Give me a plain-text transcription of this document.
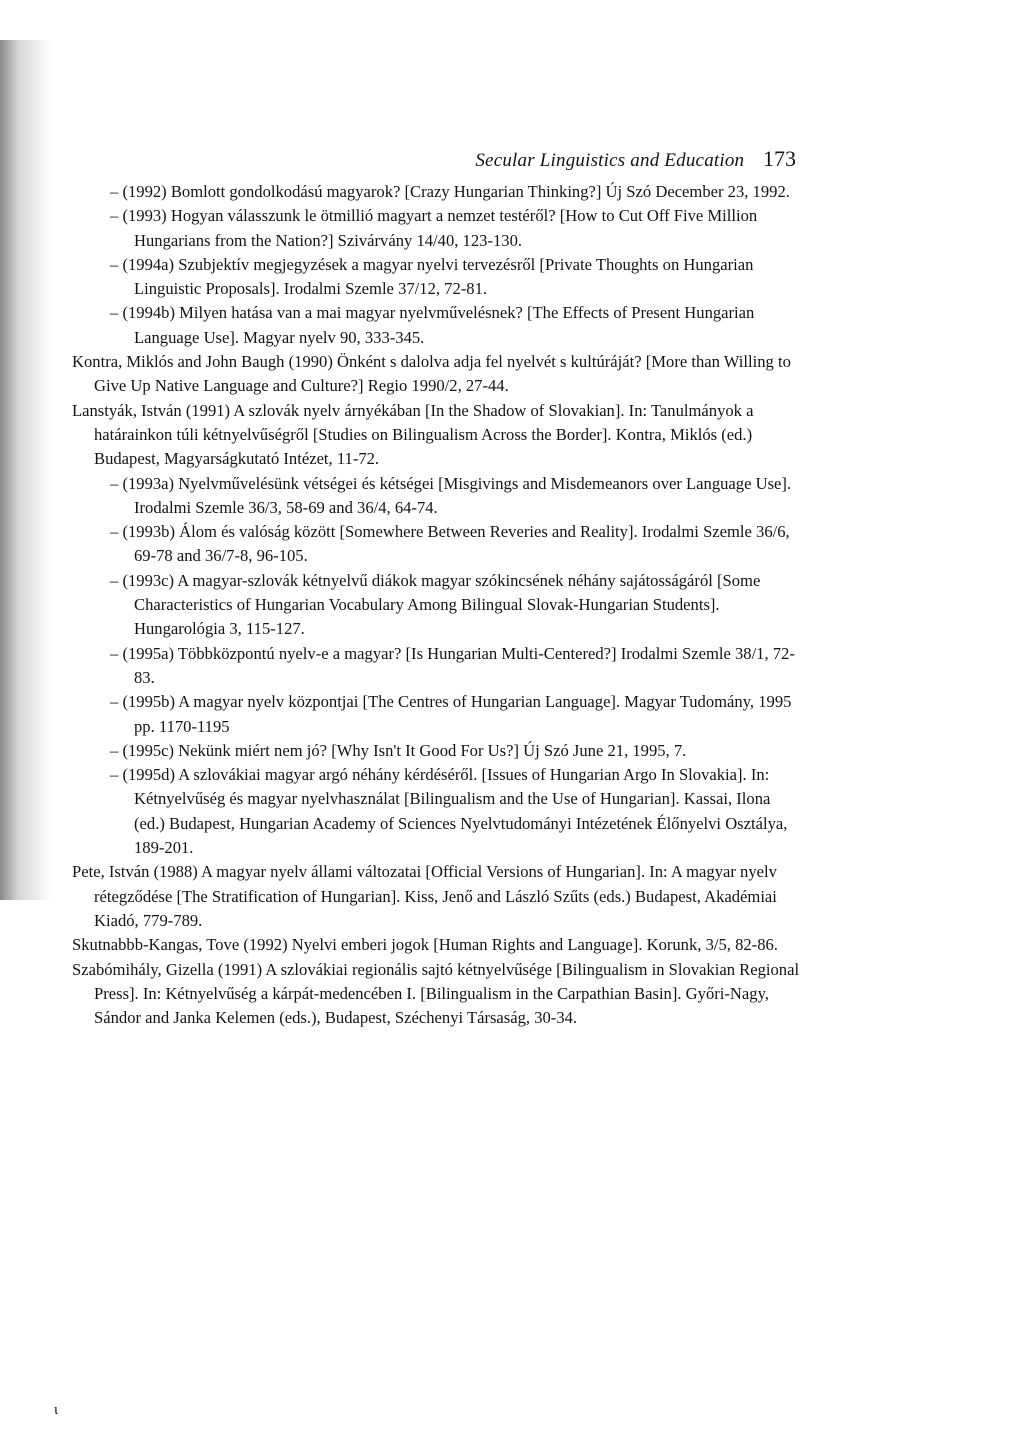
Secular Linguistics and Education 173

– (1992) Bomlott gondolkodású magyarok? [Crazy Hungarian Thinking?] Új Szó December 23, 1992.

– (1993) Hogyan válasszunk le ötmillió magyart a nemzet testéről? [How to Cut Off Five Million Hungarians from the Nation?] Szivárvány 14/40, 123-130.

– (1994a) Szubjektív megjegyzések a magyar nyelvi tervezésről [Private Thoughts on Hungarian Linguistic Proposals]. Irodalmi Szemle 37/12, 72-81.

– (1994b) Milyen hatása van a mai magyar nyelvművelésnek? [The Effects of Present Hungarian Language Use]. Magyar nyelv 90, 333-345.

Kontra, Miklós and John Baugh (1990) Önként s dalolva adja fel nyelvét s kultúráját? [More than Willing to Give Up Native Language and Culture?] Regio 1990/2, 27-44.

Lanstyák, István (1991) A szlovák nyelv árnyékában [In the Shadow of Slovakian]. In: Tanulmányok a határainkon túli kétnyelvűségről [Studies on Bilingualism Across the Border]. Kontra, Miklós (ed.) Budapest, Magyarságkutató Intézet, 11-72.

– (1993a) Nyelvművelésünk vétségei és kétségei [Misgivings and Misdemeanors over Language Use]. Irodalmi Szemle 36/3, 58-69 and 36/4, 64-74.

– (1993b) Álom és valóság között [Somewhere Between Reveries and Reality]. Irodalmi Szemle 36/6, 69-78 and 36/7-8, 96-105.

– (1993c) A magyar-szlovák kétnyelvű diákok magyar szókincsének néhány sajátosságáról [Some Characteristics of Hungarian Vocabulary Among Bilingual Slovak-Hungarian Students]. Hungarológia 3, 115-127.

– (1995a) Többközpontú nyelv-e a magyar? [Is Hungarian Multi-Centered?] Irodalmi Szemle 38/1, 72-83.

– (1995b) A magyar nyelv központjai [The Centres of Hungarian Language]. Magyar Tudomány, 1995 pp. 1170-1195

– (1995c) Nekünk miért nem jó? [Why Isn't It Good For Us?] Új Szó June 21, 1995, 7.

– (1995d) A szlovákiai magyar argó néhány kérdéséről. [Issues of Hungarian Argo In Slovakia]. In: Kétnyelvűség és magyar nyelvhasználat [Bilingualism and the Use of Hungarian]. Kassai, Ilona (ed.) Budapest, Hungarian Academy of Sciences Nyelvtudományi Intézetének Élőnyelvi Osztálya, 189-201.

Pete, István (1988) A magyar nyelv állami változatai [Official Versions of Hungarian]. In: A magyar nyelv rétegződése [The Stratification of Hungarian]. Kiss, Jenő and László Szűts (eds.) Budapest, Akadémiai Kiadó, 779-789.

Skutnabbb-Kangas, Tove (1992) Nyelvi emberi jogok [Human Rights and Language]. Korunk, 3/5, 82-86.

Szabómihály, Gizella (1991) A szlovákiai regionális sajtó kétnyelvűsége [Bilingualism in Slovakian Regional Press]. In: Kétnyelvűség a kárpát-medencében I. [Bilingualism in the Carpathian Basin]. Győri-Nagy, Sándor and Janka Kelemen (eds.), Budapest, Széchenyi Társaság, 30-34.

ι
